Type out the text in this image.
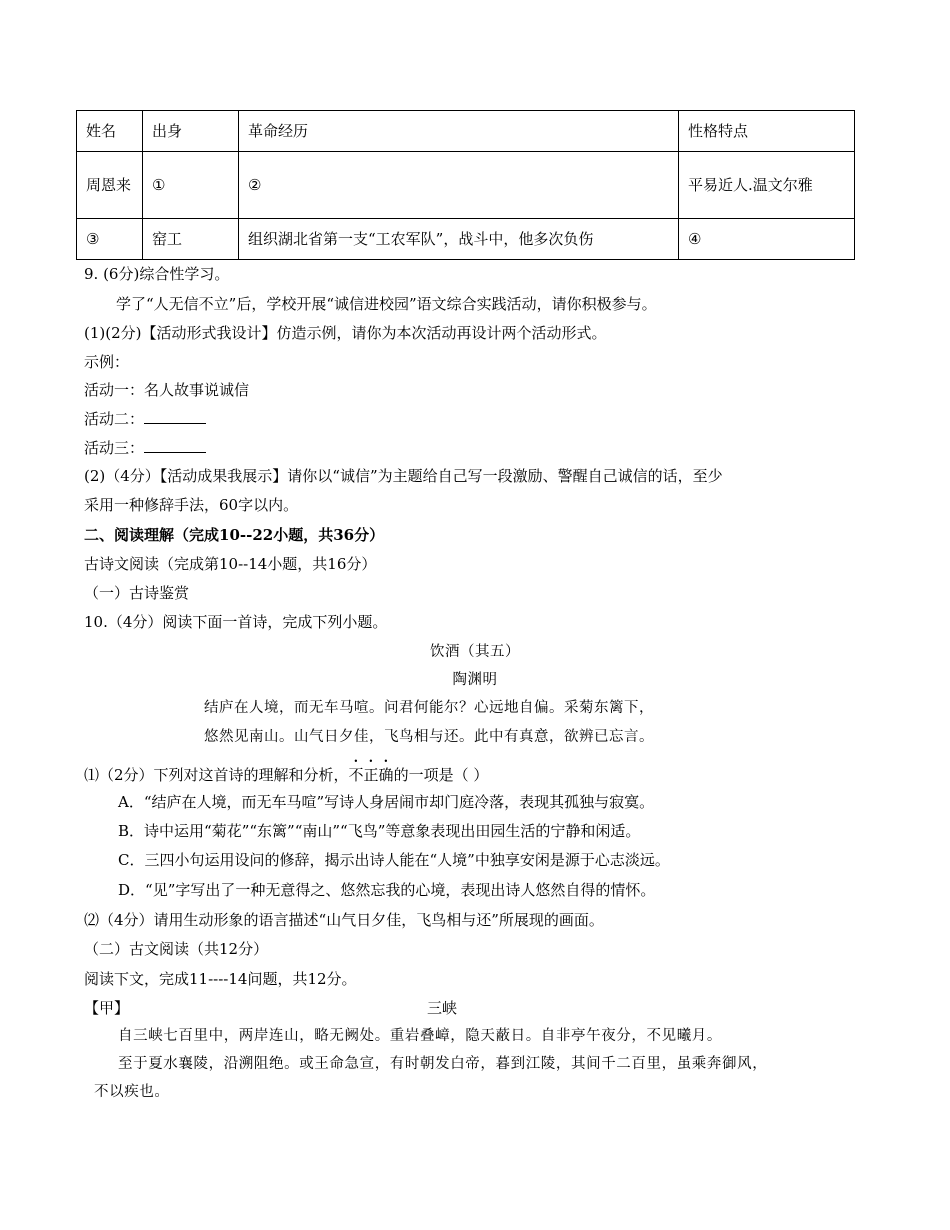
姓名	出身	革命经历	性格特点
周恩来	①	②	平易近人.温文尔雅
③	窑工	组织湖北省第一支“工农军队”，战斗中，他多次负伤	④
9. (6分)综合性学习。
学了“人无信不立”后，学校开展“诚信进校园”语文综合实践活动，请你积极参与。
(1)(2分)【活动形式我设计】仿造示例，请你为本次活动再设计两个活动形式。
示例：
活动一：名人故事说诚信
活动二：
活动三：
(2)（4分）【活动成果我展示】请你以“诚信”为主题给自己写一段激励、警醒自己诚信的话，至少
采用一种修辞手法，60字以内。
二、阅读理解（完成10--22小题，共36分）
古诗文阅读（完成第10--14小题，共16分）
（一）古诗鉴赏
10.（4分）阅读下面一首诗，完成下列小题。
饮酒（其五）
陶渊明
结庐在人境，而无车马喧。问君何能尔？心远地自偏。采菊东篱下，
悠然见南山。山气日夕佳，飞鸟相与还。此中有真意，欲辨已忘言。
⑴（2分）下列对这首诗的理解和分析，不正确的一项是（ ）
A．“结庐在人境，而无车马喧”写诗人身居闹市却门庭冷落，表现其孤独与寂寞。
B．诗中运用“菊花”“东篱”“南山”“飞鸟”等意象表现出田园生活的宁静和闲适。
C．三四小句运用设问的修辞，揭示出诗人能在“人境”中独享安闲是源于心志淡远。
D．“见”字写出了一种无意得之、悠然忘我的心境，表现出诗人悠然自得的情怀。
⑵（4分）请用生动形象的语言描述“山气日夕佳，飞鸟相与还”所展现的画面。
（二）古文阅读（共12分）
阅读下文，完成11----14问题，共12分。
【甲】	三峡
自三峡七百里中，两岸连山，略无阙处。重岩叠嶂，隐天蔽日。自非亭午夜分，不见曦月。
至于夏水襄陵，沿溯阻绝。或王命急宣，有时朝发白帝，暮到江陵，其间千二百里，虽乘奔御风，
不以疾也。
